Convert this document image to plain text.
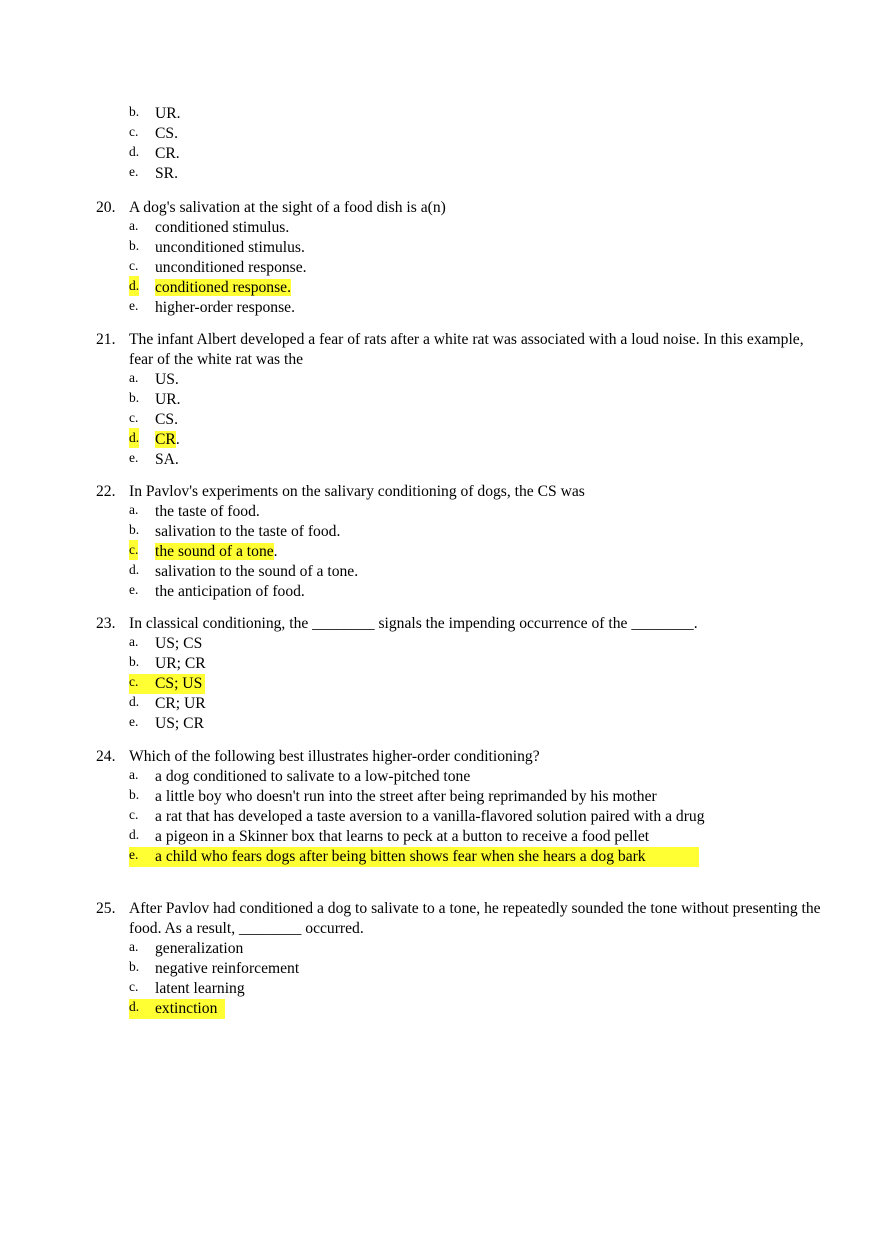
b. UR.
c. CS.
d. CR.
e. SR.
20. A dog's salivation at the sight of a food dish is a(n)
a. conditioned stimulus.
b. unconditioned stimulus.
c. unconditioned response.
d. conditioned response.
e. higher-order response.
21. The infant Albert developed a fear of rats after a white rat was associated with a loud noise. In this example, fear of the white rat was the
a. US.
b. UR.
c. CS.
d. CR.
e. SA.
22. In Pavlov's experiments on the salivary conditioning of dogs, the CS was
a. the taste of food.
b. salivation to the taste of food.
c. the sound of a tone.
d. salivation to the sound of a tone.
e. the anticipation of food.
23. In classical conditioning, the ________ signals the impending occurrence of the ________.
a. US; CS
b. UR; CR
c. CS; US
d. CR; UR
e. US; CR
24. Which of the following best illustrates higher-order conditioning?
a. a dog conditioned to salivate to a low-pitched tone
b. a little boy who doesn't run into the street after being reprimanded by his mother
c. a rat that has developed a taste aversion to a vanilla-flavored solution paired with a drug
d. a pigeon in a Skinner box that learns to peck at a button to receive a food pellet
e. a child who fears dogs after being bitten shows fear when she hears a dog bark
25. After Pavlov had conditioned a dog to salivate to a tone, he repeatedly sounded the tone without presenting the food. As a result, ________ occurred.
a. generalization
b. negative reinforcement
c. latent learning
d. extinction
